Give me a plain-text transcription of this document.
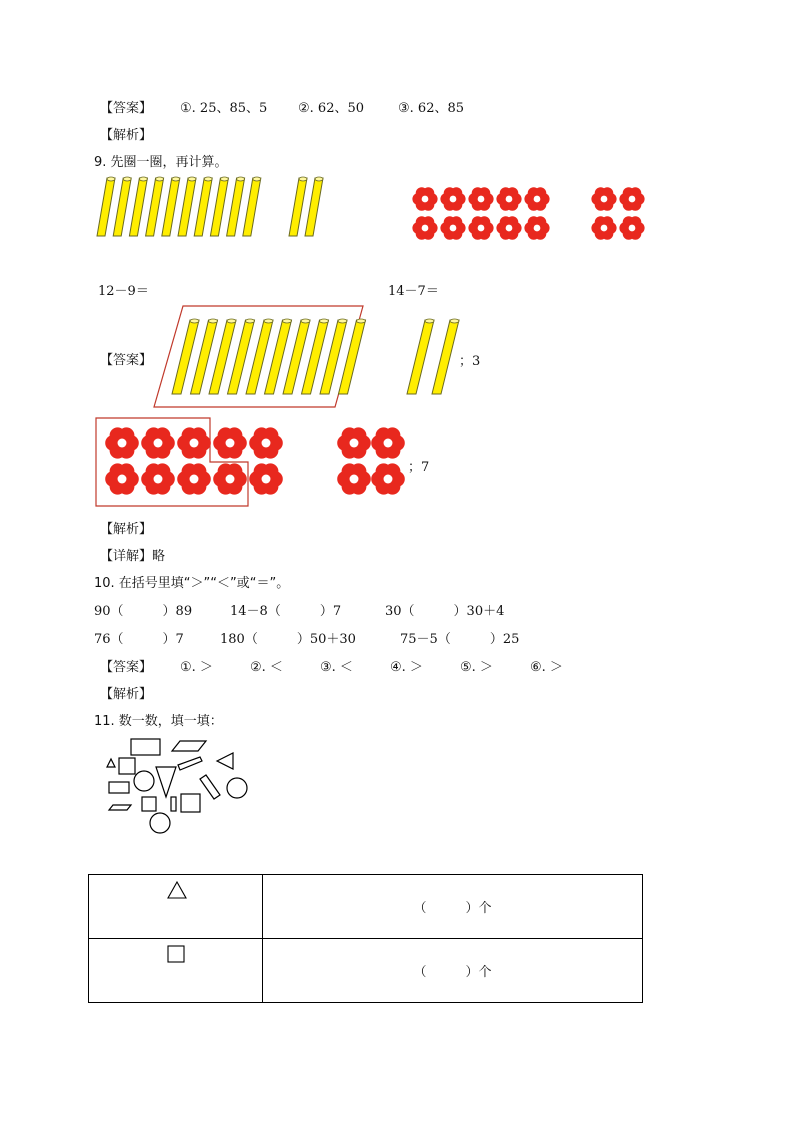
【答案】 ①. 25、85、5 ②. 62、50	③. 62、85
【解析】
9. 先圈一圈，再计算。
12－9＝	14－7＝
【答案】	；3
；7
【解析】
【详解】略
10. 在括号里填“＞”“＜”或“＝”。
90（　　　）89	14－8（　　　）7	30（　　　）30＋4
76（　　　）7	180（　　　）50＋30	75－5（　　　）25
【答案】 ①. ＞	②. ＜	③. ＜	④. ＞	⑤. ＞	⑥. ＞
【解析】
11. 数一数，填一填：
	（　　　）个

	（　　　）个
